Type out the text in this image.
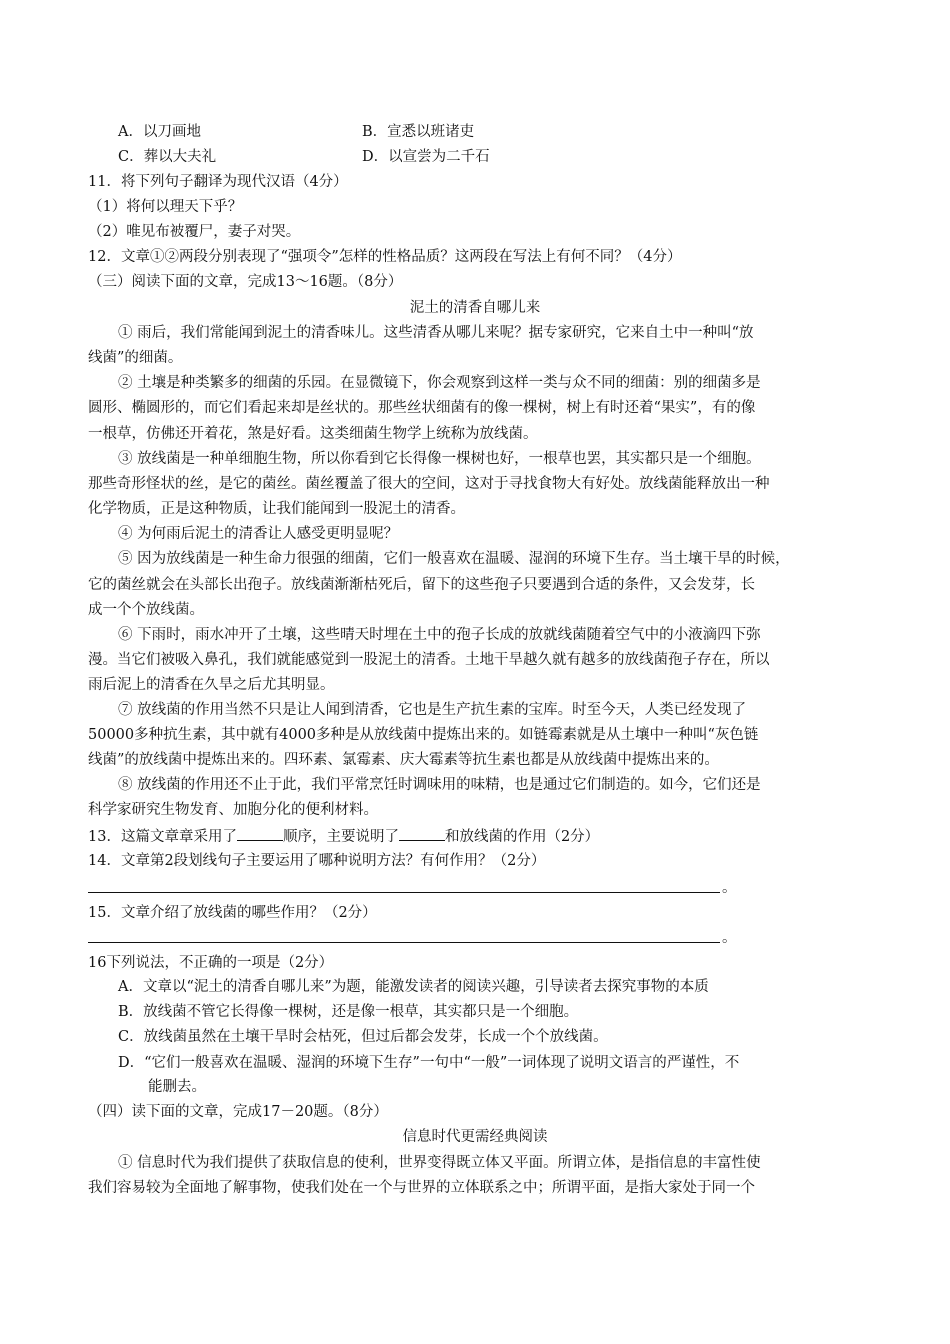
A．以刀画地	B．宣悉以班诸吏
C．葬以大夫礼	D．以宣尝为二千石
11．将下列句子翻译为现代汉语（4分）
（1）将何以理天下乎？
（2）唯见布被覆尸，妻子对哭。
12．文章①②两段分别表现了“强项令”怎样的性格品质？这两段在写法上有何不同？（4分）
（三）阅读下面的文章，完成13～16题。（8分）
泥土的清香自哪儿来
① 雨后，我们常能闻到泥土的清香味儿。这些清香从哪儿来呢？据专家研究，它来自土中一种叫“放
线菌”的细菌。
② 土壤是种类繁多的细菌的乐园。在显微镜下，你会观察到这样一类与众不同的细菌：别的细菌多是
圆形、椭圆形的，而它们看起来却是丝状的。那些丝状细菌有的像一棵树，树上有时还着“果实”，有的像
一根草，仿佛还开着花，煞是好看。这类细菌生物学上统称为放线菌。
③ 放线菌是一种单细胞生物，所以你看到它长得像一棵树也好，一根草也罢，其实都只是一个细胞。
那些奇形怪状的丝，是它的菌丝。菌丝覆盖了很大的空间，这对于寻找食物大有好处。放线菌能释放出一种
化学物质，正是这种物质，让我们能闻到一股泥土的清香。
④ 为何雨后泥土的清香让人感受更明显呢？
⑤ 因为放线菌是一种生命力很强的细菌，它们一般喜欢在温暖、湿润的环境下生存。当土壤干旱的时候，
它的菌丝就会在头部长出孢子。放线菌渐渐枯死后，留下的这些孢子只要遇到合适的条件，又会发芽，长
成一个个放线菌。
⑥ 下雨时，雨水冲开了土壤，这些晴天时埋在土中的孢子长成的放就线菌随着空气中的小液滴四下弥
漫。当它们被吸入鼻孔，我们就能感觉到一股泥土的清香。土地干旱越久就有越多的放线菌孢子存在，所以
雨后泥上的清香在久旱之后尤其明显。
⑦ 放线菌的作用当然不只是让人闻到清香，它也是生产抗生素的宝库。时至今天，人类已经发现了
50000多种抗生素，其中就有4000多种是从放线菌中提炼出来的。如链霉素就是从土壤中一种叫“灰色链
线菌”的放线菌中提炼出来的。四环素、氯霉素、庆大霉素等抗生素也都是从放线菌中提炼出来的。
⑧ 放线菌的作用还不止于此，我们平常烹饪时调味用的味精，也是通过它们制造的。如今，它们还是
科学家研究生物发育、加胞分化的便利材料。
13．这篇文章章采用了	顺序，主要说明了	和放线菌的作用（2分）
14．文章第2段划线句子主要运用了哪种说明方法？有何作用？（2分）
。
15．文章介绍了放线菌的哪些作用？（2分）
。
16下列说法，不正确的一项是（2分）
A．文章以“泥土的清香自哪儿来”为题，能激发读者的阅读兴趣，引导读者去探究事物的本质
B．放线菌不管它长得像一棵树，还是像一根草，其实都只是一个细胞。
C．放线菌虽然在土壤干旱时会枯死，但过后都会发芽，长成一个个放线菌。
D．“它们一般喜欢在温暖、湿润的环境下生存”一句中“一般”一词体现了说明文语言的严谨性，不
能删去。
（四）读下面的文章，完成17－20题。（8分）
信息时代更需经典阅读
① 信息时代为我们提供了获取信息的使利，世界变得既立体又平面。所谓立体，是指信息的丰富性使
我们容易较为全面地了解事物，使我们处在一个与世界的立体联系之中；所谓平面，是指大家处于同一个
